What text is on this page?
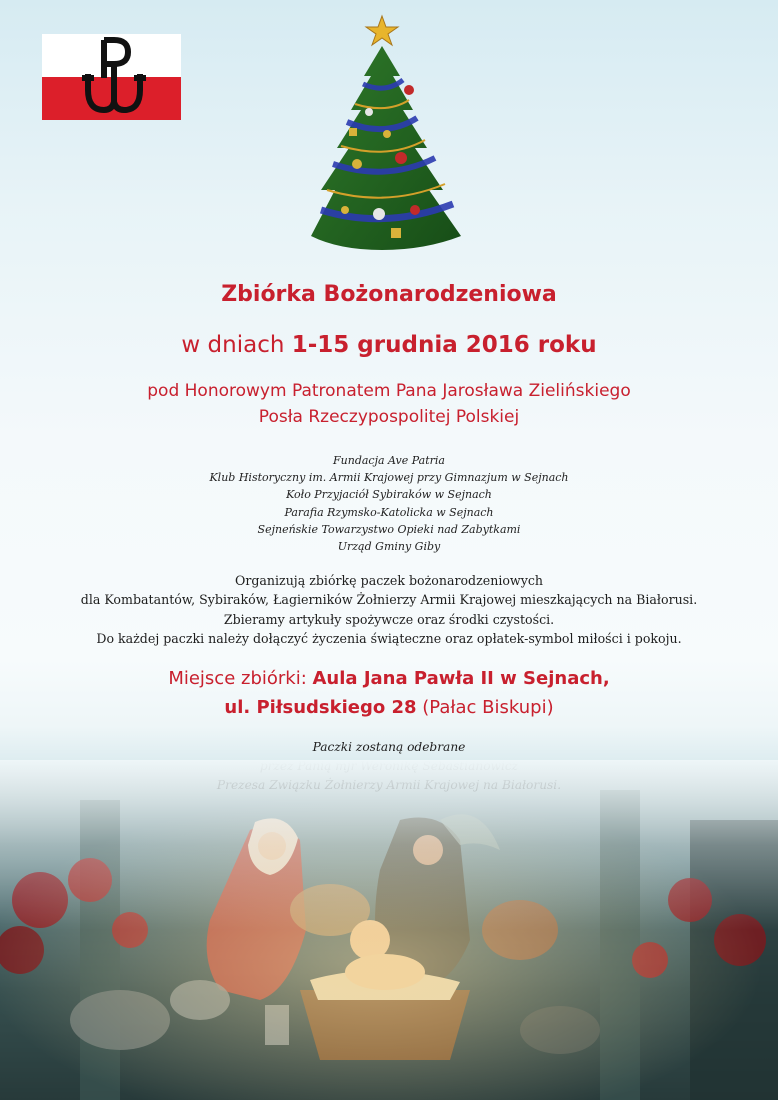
Zbiórka Bożonarodzeniowa
w dniach 1-15 grudnia 2016 roku
pod Honorowym Patronatem Pana Jarosława Zielińskiego
Posła Rzeczypospolitej Polskiej
Fundacja Ave Patria
Klub Historyczny im. Armii Krajowej przy Gimnazjum w Sejnach
Koło Przyjaciół Sybiraków w Sejnach
Parafia Rzymsko-Katolicka w Sejnach
Sejneńskie Towarzystwo Opieki nad Zabytkami
Urząd Gminy Giby
Organizują zbiórkę paczek bożonarodzeniowych
dla Kombatantów, Sybiraków, Łagierników Żołnierzy Armii Krajowej mieszkających na Białorusi.
Zbieramy artykuły spożywcze oraz środki czystości.
Do każdej paczki należy dołączyć życzenia świąteczne oraz opłatek-symbol miłości i pokoju.
Miejsce zbiórki: Aula Jana Pawła II w Sejnach,
ul. Piłsudskiego 28 (Pałac Biskupi)
Paczki zostaną odebrane
